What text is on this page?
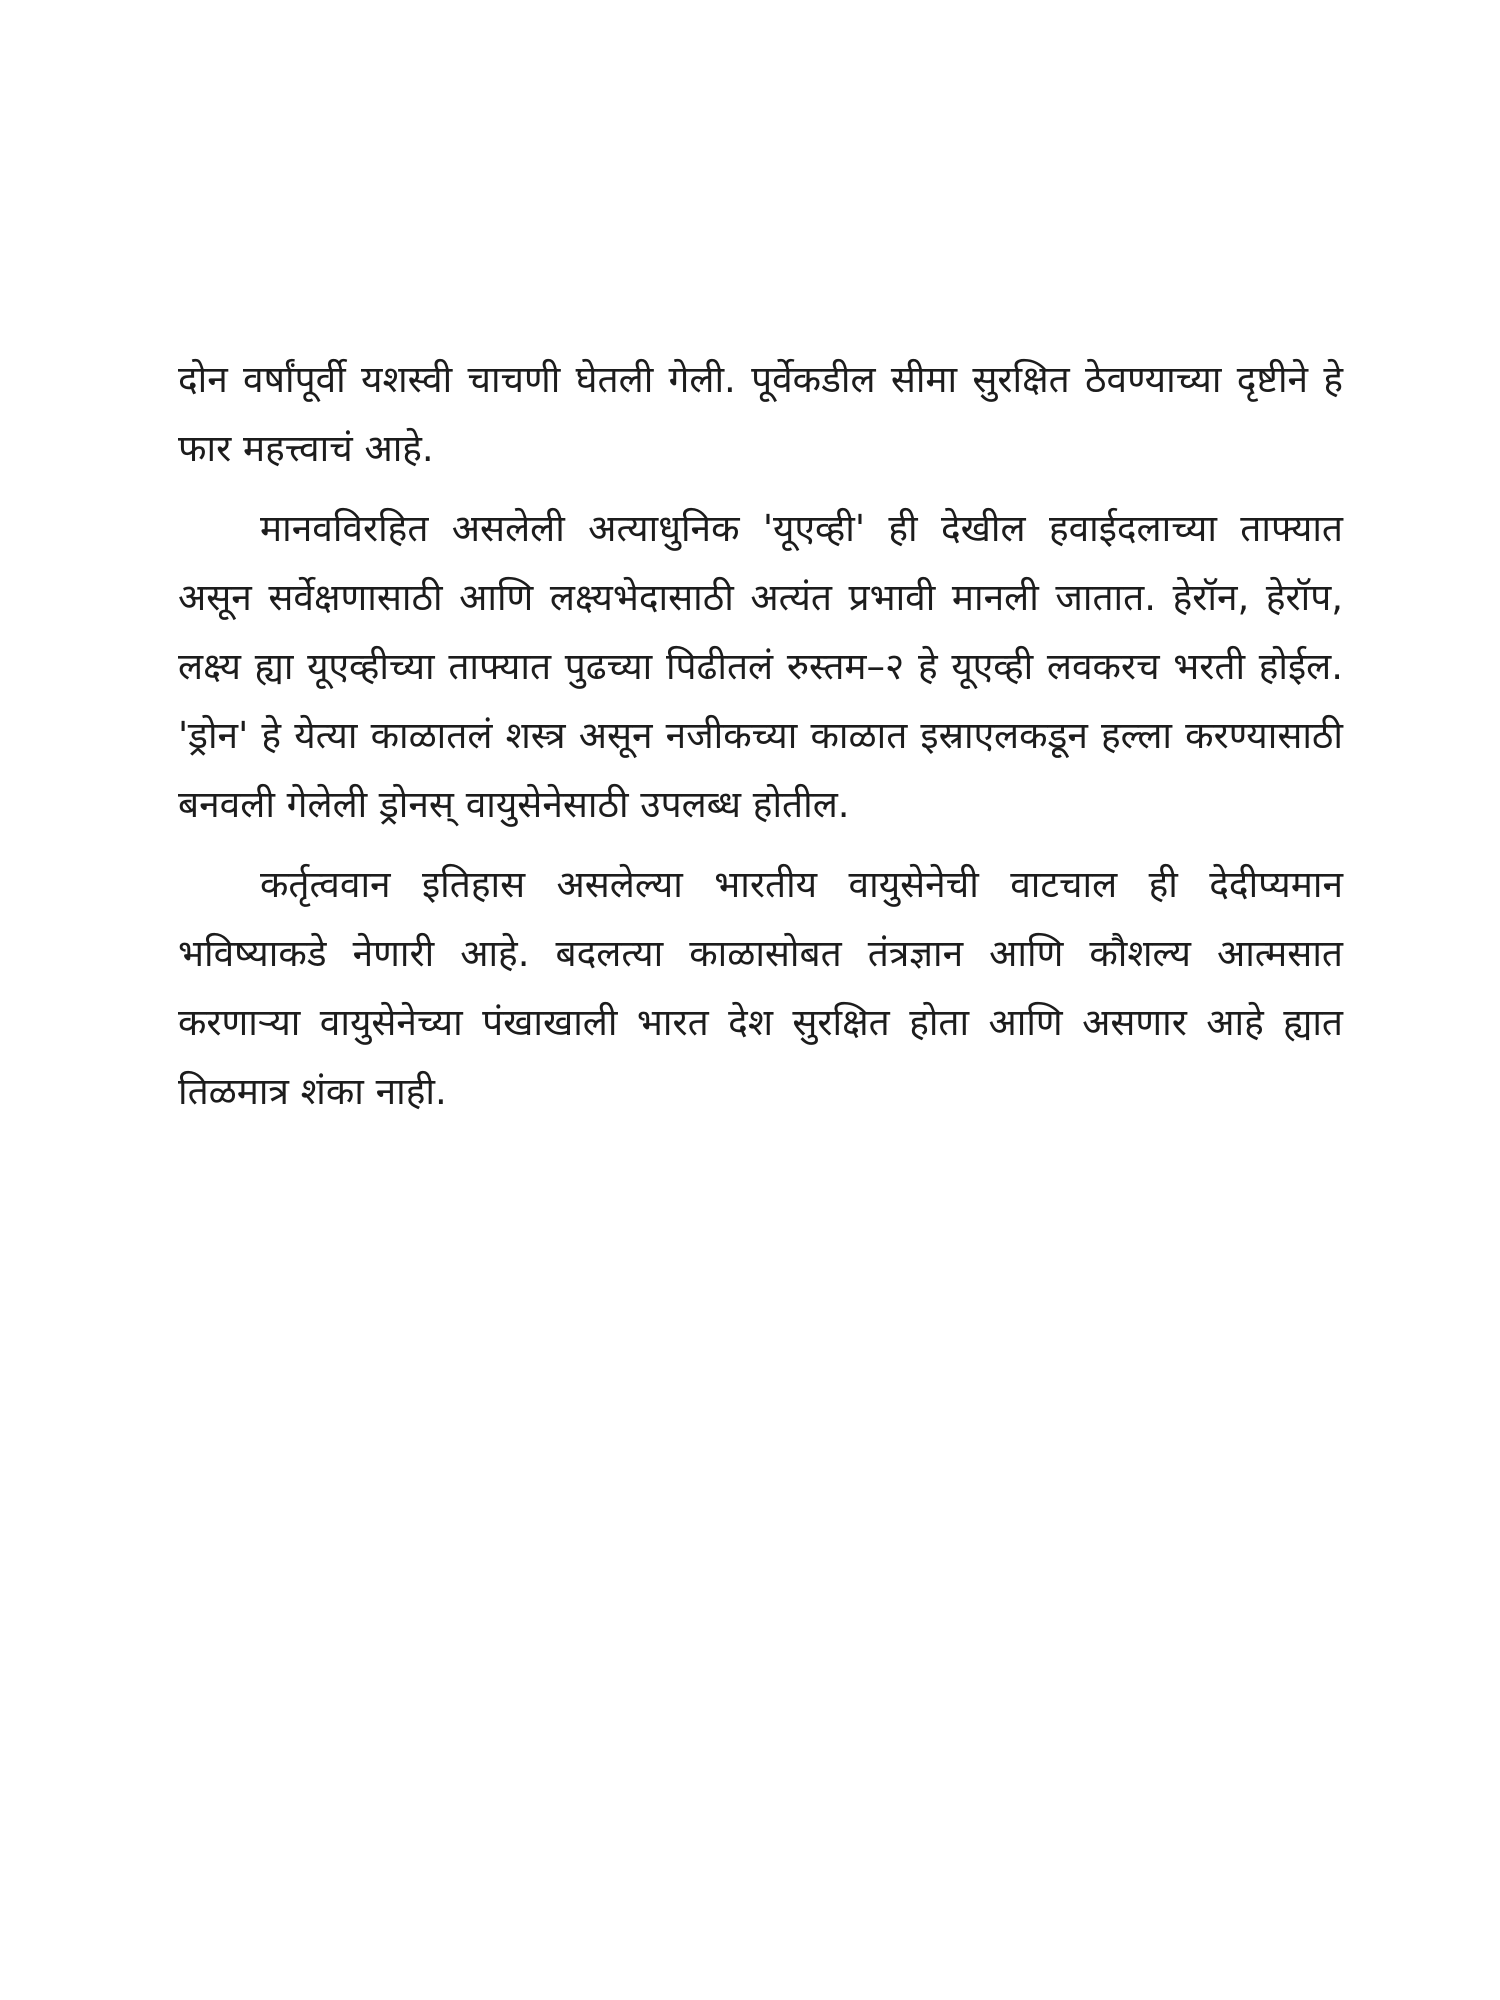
दोन वर्षांपूर्वी यशस्वी चाचणी घेतली गेली. पूर्वेकडील सीमा सुरक्षित ठेवण्याच्या दृष्टीने हे फार महत्त्वाचं आहे.

मानवविरहित असलेली अत्याधुनिक 'यूएव्ही' ही देखील हवाईदलाच्या ताफ्यात असून सर्वेक्षणासाठी आणि लक्ष्यभेदासाठी अत्यंत प्रभावी मानली जातात. हेरॉन, हेरॉप, लक्ष्य ह्या यूएव्हीच्या ताफ्यात पुढच्या पिढीतलं रुस्तम–२ हे यूएव्ही लवकरच भरती होईल. 'ड्रोन' हे येत्या काळातलं शस्त्र असून नजीकच्या काळात इस्राएलकडून हल्ला करण्यासाठी बनवली गेलेली ड्रोनस् वायुसेनेसाठी उपलब्ध होतील.

कर्तृत्ववान इतिहास असलेल्या भारतीय वायुसेनेची वाटचाल ही देदीप्यमान भविष्याकडे नेणारी आहे. बदलत्या काळासोबत तंत्रज्ञान आणि कौशल्य आत्मसात करणाऱ्या वायुसेनेच्या पंखाखाली भारत देश सुरक्षित होता आणि असणार आहे ह्यात तिळमात्र शंका नाही.
